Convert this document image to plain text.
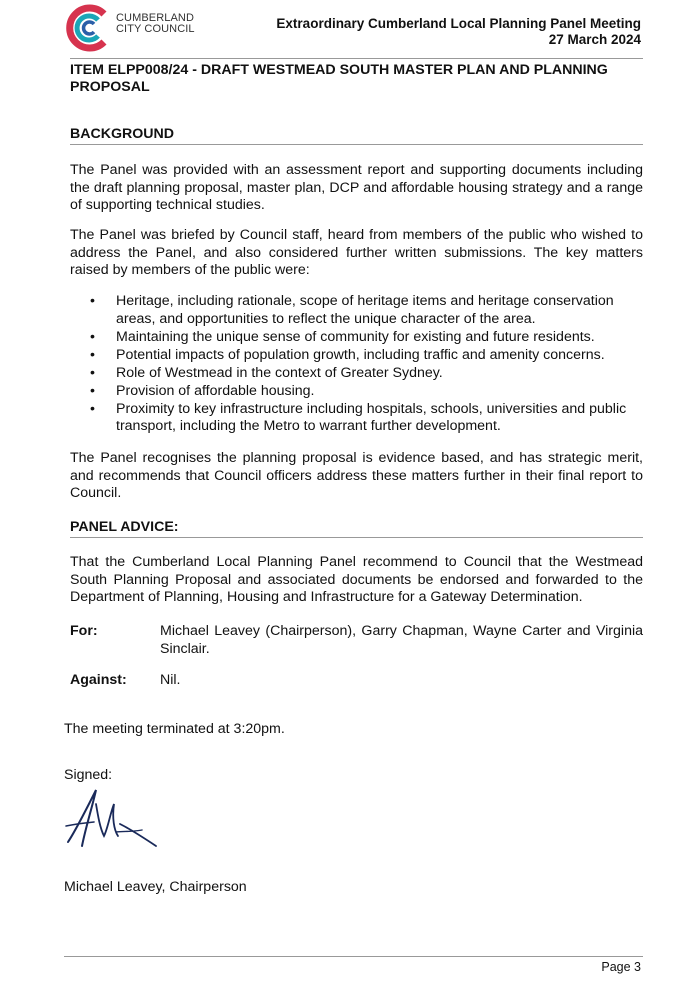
CUMBERLAND
CITY COUNCIL	Extraordinary Cumberland Local Planning Panel Meeting
27 March 2024
ITEM ELPP008/24 - DRAFT WESTMEAD SOUTH MASTER PLAN AND PLANNING PROPOSAL
BACKGROUND

The Panel was provided with an assessment report and supporting documents including the draft planning proposal, master plan, DCP and affordable housing strategy and a range of supporting technical studies.

The Panel was briefed by Council staff, heard from members of the public who wished to address the Panel, and also considered further written submissions. The key matters raised by members of the public were:

• Heritage, including rationale, scope of heritage items and heritage conservation areas, and opportunities to reflect the unique character of the area.
• Maintaining the unique sense of community for existing and future residents.
• Potential impacts of population growth, including traffic and amenity concerns.
• Role of Westmead in the context of Greater Sydney.
• Provision of affordable housing.
• Proximity to key infrastructure including hospitals, schools, universities and public transport, including the Metro to warrant further development.

The Panel recognises the planning proposal is evidence based, and has strategic merit, and recommends that Council officers address these matters further in their final report to Council.

PANEL ADVICE:

That the Cumberland Local Planning Panel recommend to Council that the Westmead South Planning Proposal and associated documents be endorsed and forwarded to the Department of Planning, Housing and Infrastructure for a Gateway Determination.

For:	Michael Leavey (Chairperson), Garry Chapman, Wayne Carter and Virginia Sinclair.
Against: Nil.
The meeting terminated at 3:20pm.
Signed:
Michael Leavey, Chairperson
Page 3
